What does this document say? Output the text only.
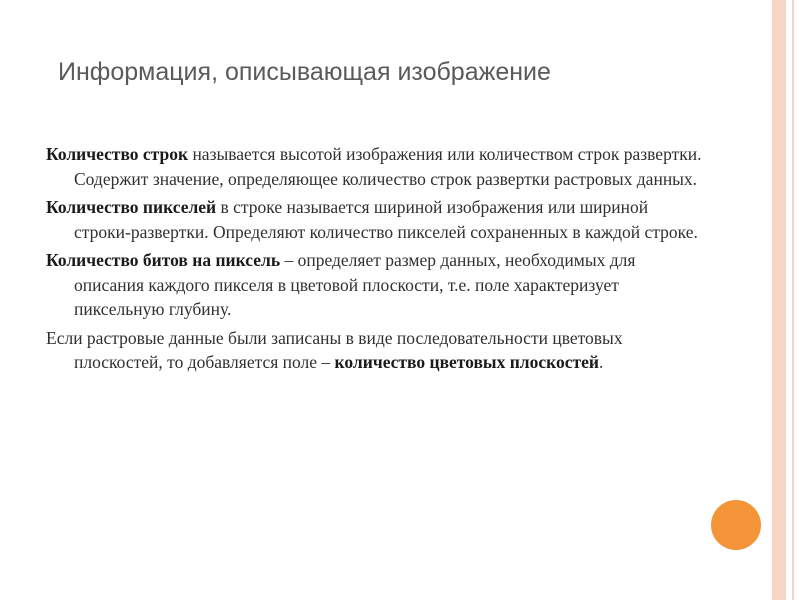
Информация, описывающая изображение

Количество строк называется высотой изображения или количеством строк развертки. Содержит значение, определяющее количество строк развертки растровых данных.

Количество пикселей в строке называется шириной изображения или шириной строки-развертки. Определяют количество пикселей сохраненных в каждой строке.

Количество битов на пиксель – определяет размер данных, необходимых для описания каждого пикселя в цветовой плоскости, т.е. поле характеризует пиксельную глубину.

Если растровые данные были записаны в виде последовательности цветовых плоскостей, то добавляется поле – количество цветовых плоскостей.
